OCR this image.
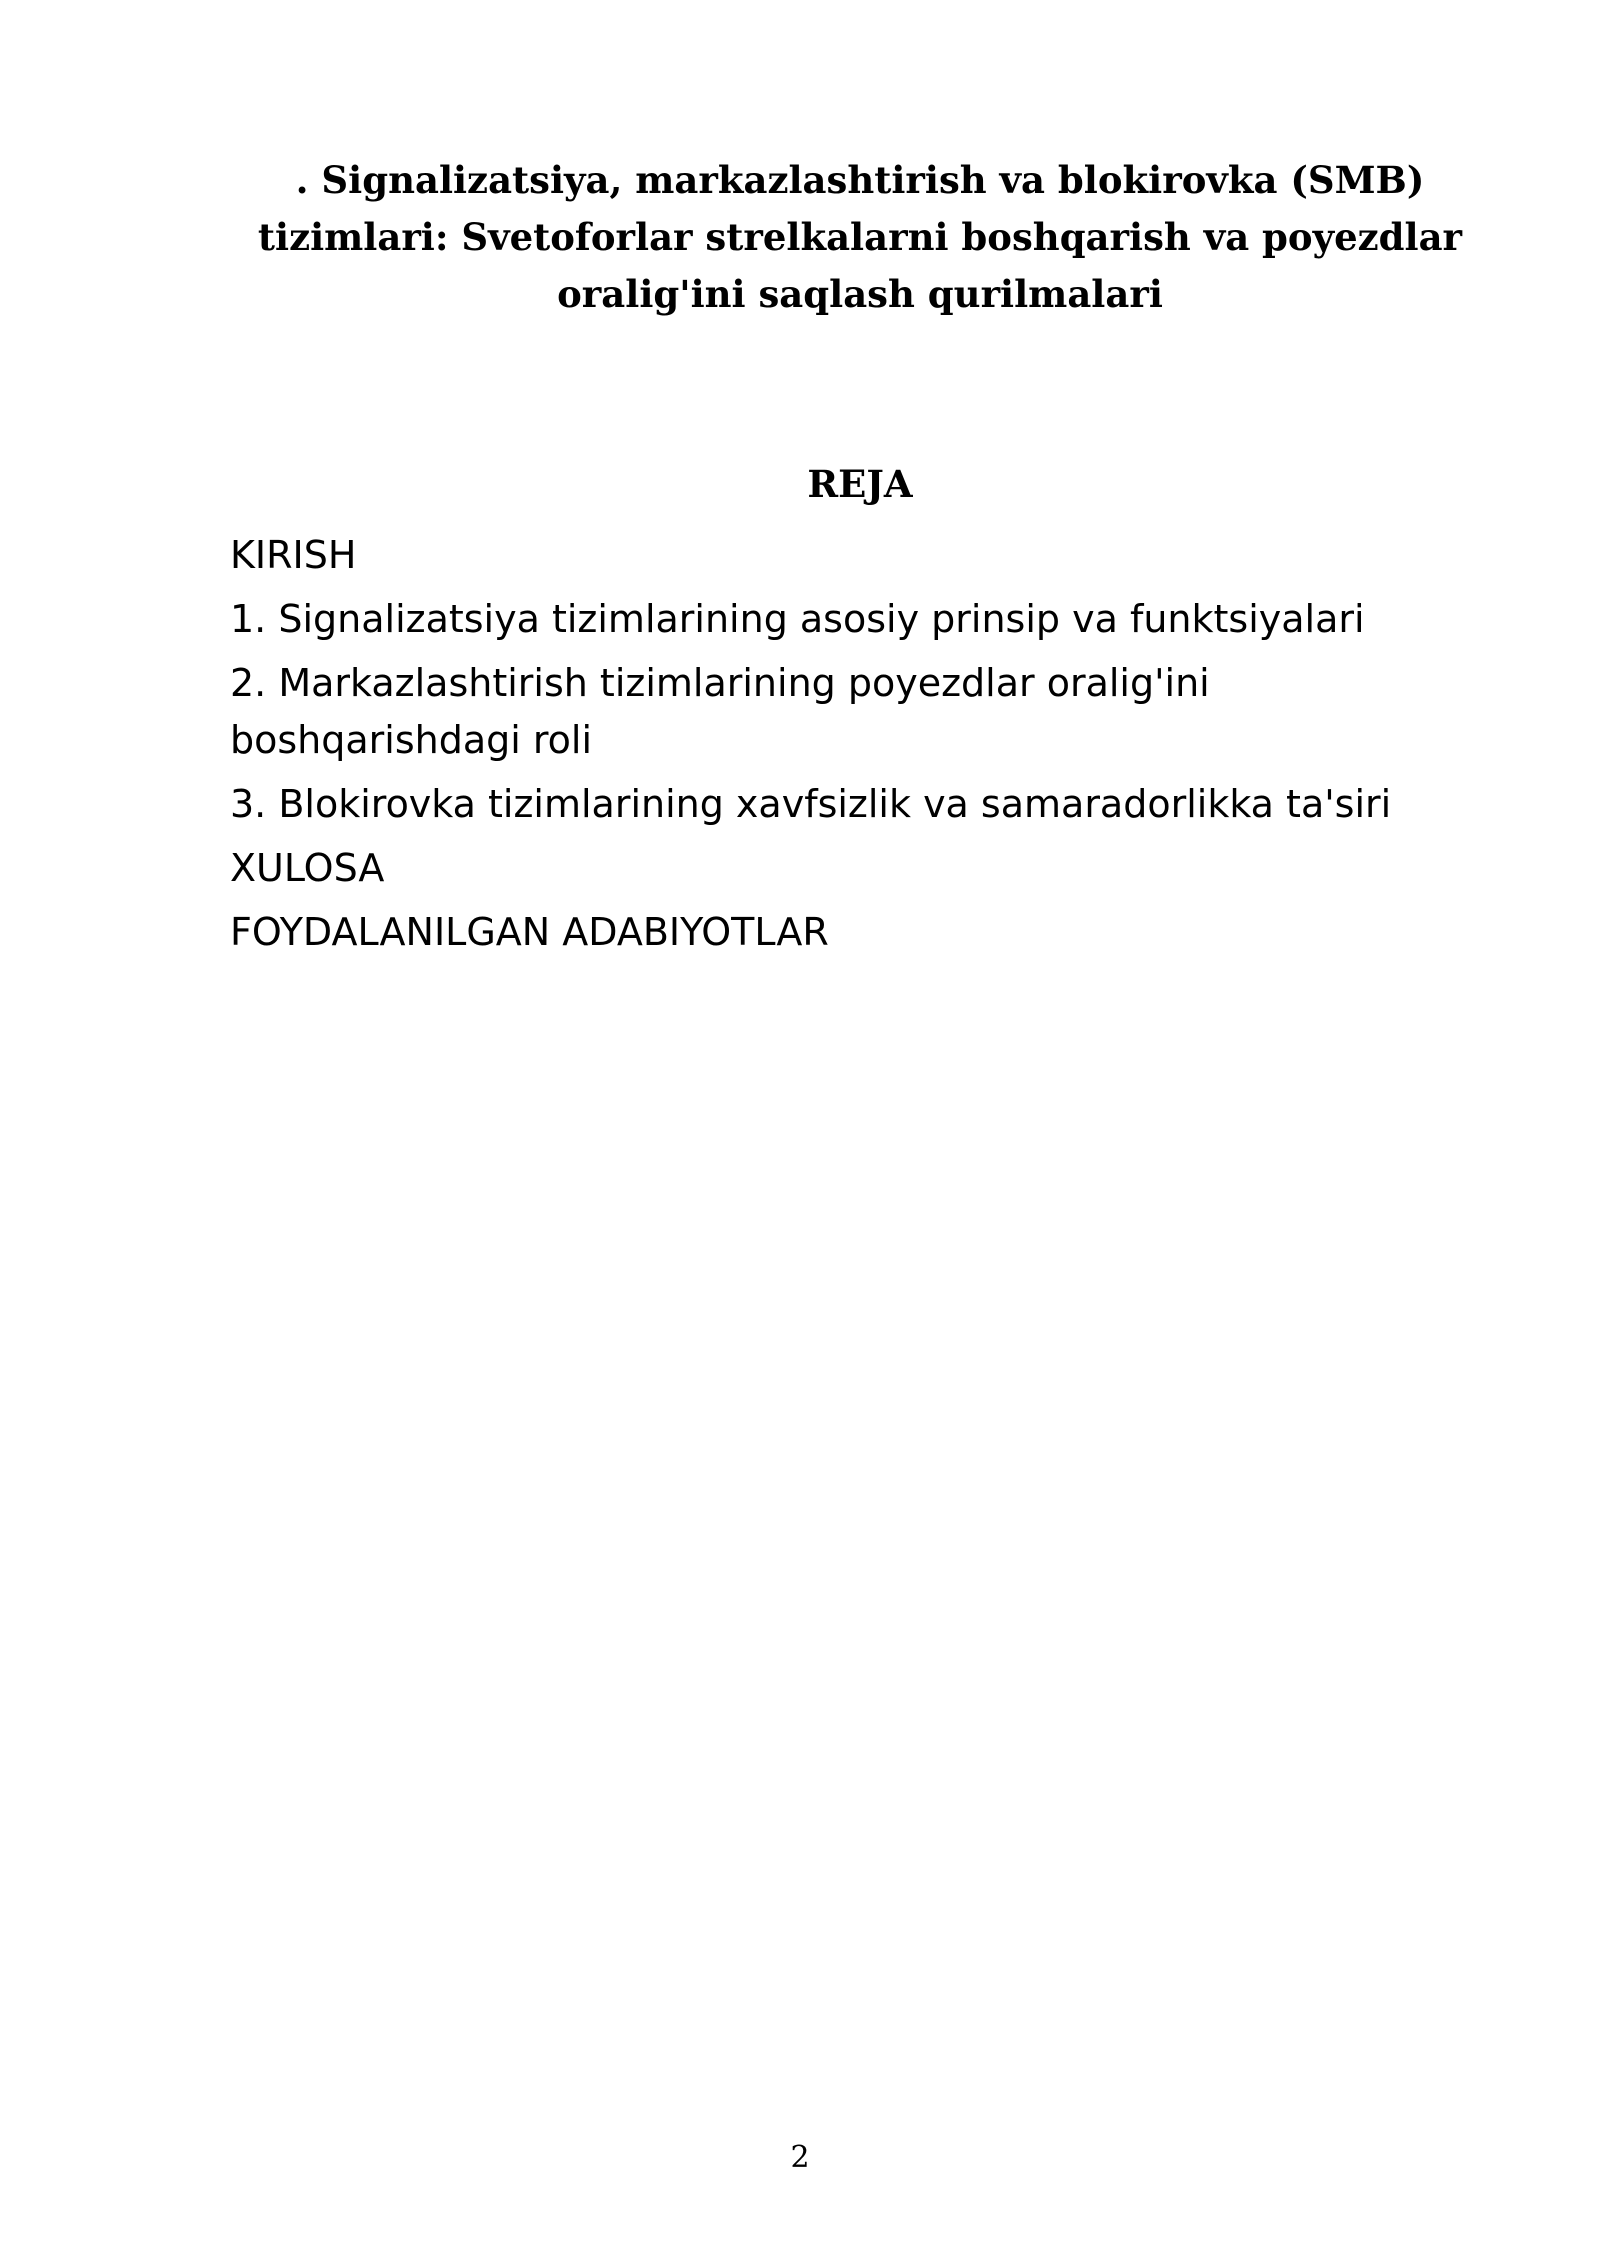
. Signalizatsiya, markazlashtirish va blokirovka (SMB)
tizimlari: Svetoforlar strelkalarni boshqarish va poyezdlar
oralig'ini saqlash qurilmalari
REJA
KIRISH
1. Signalizatsiya tizimlarining asosiy prinsip va funktsiyalari
2. Markazlashtirish tizimlarining poyezdlar oralig'ini
boshqarishdagi roli
3. Blokirovka tizimlarining xavfsizlik va samaradorlikka ta'siri
XULOSA
FOYDALANILGAN ADABIYOTLAR
2
